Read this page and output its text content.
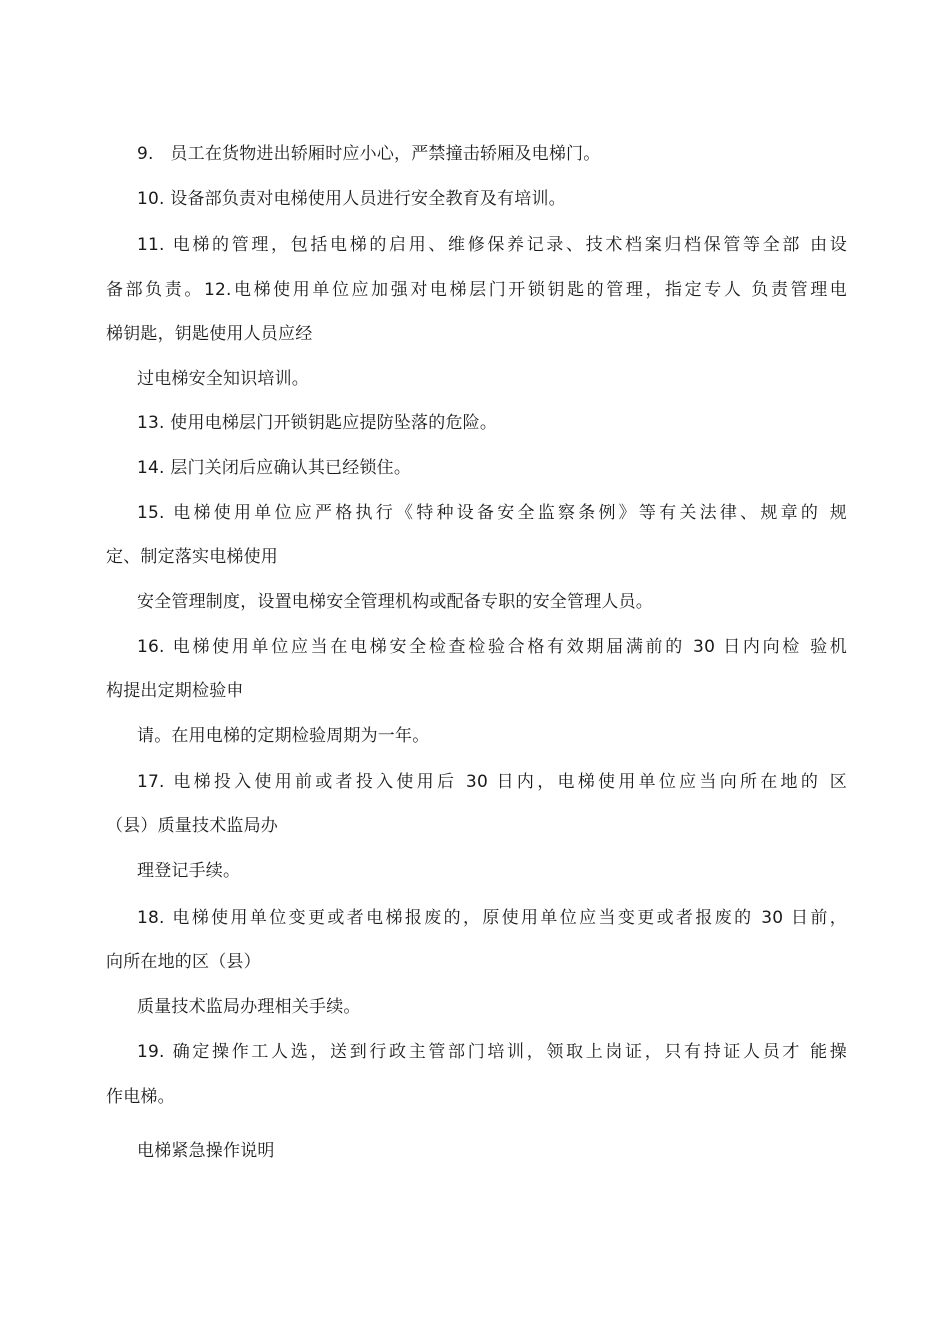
9.   员工在货物进出轿厢时应小心，严禁撞击轿厢及电梯门。
10. 设备部负责对电梯使用人员进行安全教育及有培训。
11. 电梯的管理，包括电梯的启用、维修保养记录、技术档案归档保管等全部 由设
备部负责。12.电梯使用单位应加强对电梯层门开锁钥匙的管理，指定专人 负责管理电
梯钥匙，钥匙使用人员应经
过电梯安全知识培训。
13. 使用电梯层门开锁钥匙应提防坠落的危险。
14. 层门关闭后应确认其已经锁住。
15. 电梯使用单位应严格执行《特种设备安全监察条例》等有关法律、规章的 规
定、制定落实电梯使用
安全管理制度，设置电梯安全管理机构或配备专职的安全管理人员。
16. 电梯使用单位应当在电梯安全检查检验合格有效期届满前的 30 日内向检 验机
构提出定期检验申
请。在用电梯的定期检验周期为一年。
17. 电梯投入使用前或者投入使用后 30 日内，电梯使用单位应当向所在地的 区
（县）质量技术监局办
理登记手续。
18. 电梯使用单位变更或者电梯报废的，原使用单位应当变更或者报废的 30 日前，
向所在地的区（县）
质量技术监局办理相关手续。
19. 确定操作工人选，送到行政主管部门培训，领取上岗证，只有持证人员才 能操
作电梯。
电梯紧急操作说明
